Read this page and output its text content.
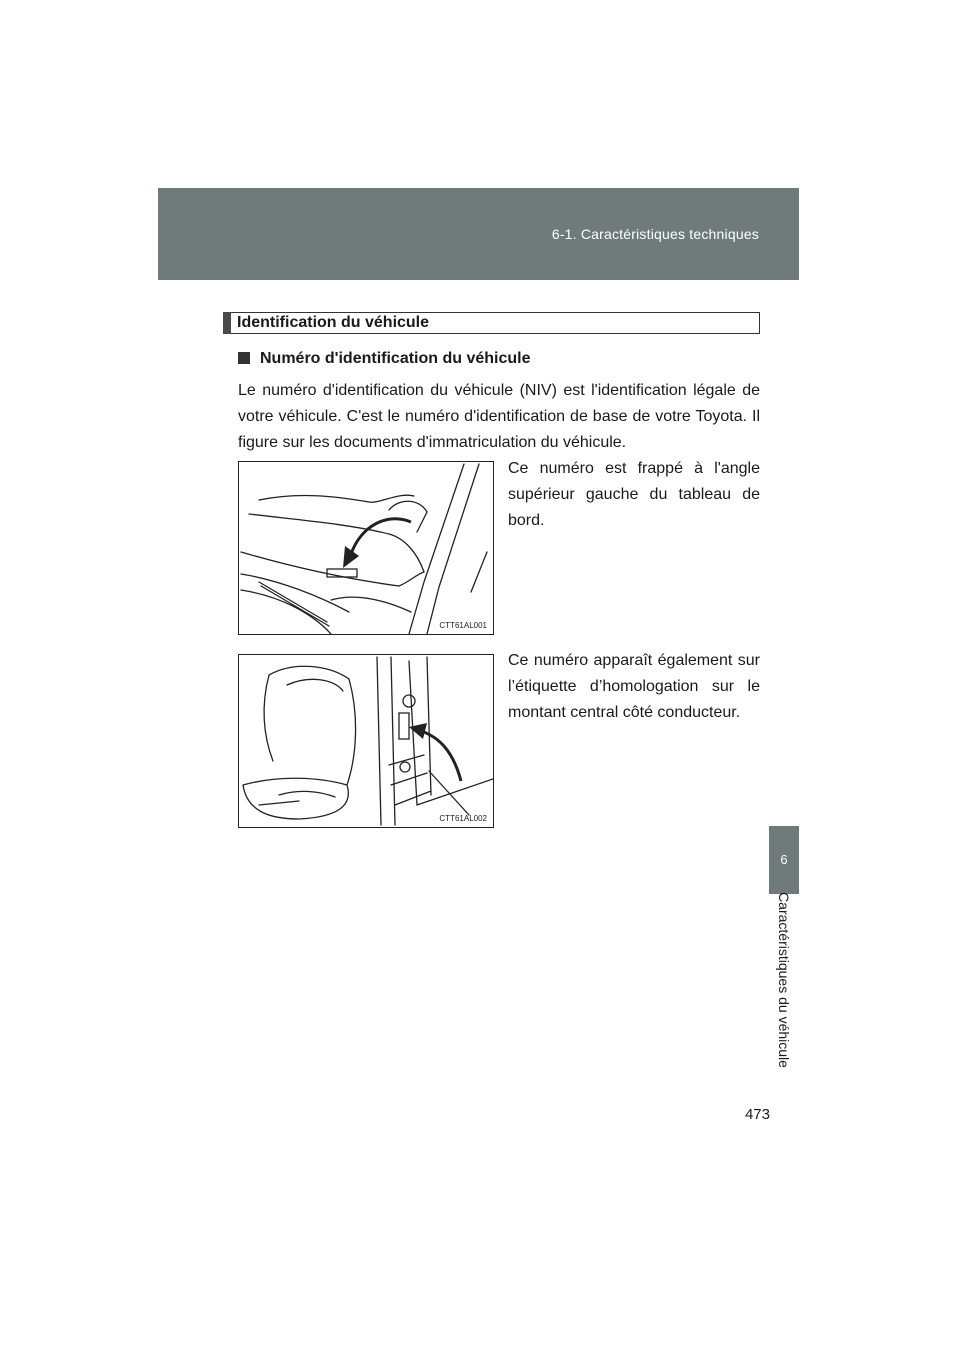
6-1. Caractéristiques techniques
6
Caractéristiques du véhicule
473
Identification du véhicule
Numéro d'identification du véhicule
Le numéro d'identification du véhicule (NIV) est l'identification légale de votre véhicule. C'est le numéro d'identification de base de votre Toyota. Il figure sur les documents d'immatriculation du véhicule.
CTT61AL001
Ce numéro est frappé à l'angle supérieur gauche du tableau de bord.
CTT61AL002
Ce numéro apparaît également sur l’étiquette d’homologation sur le montant central côté conducteur.
